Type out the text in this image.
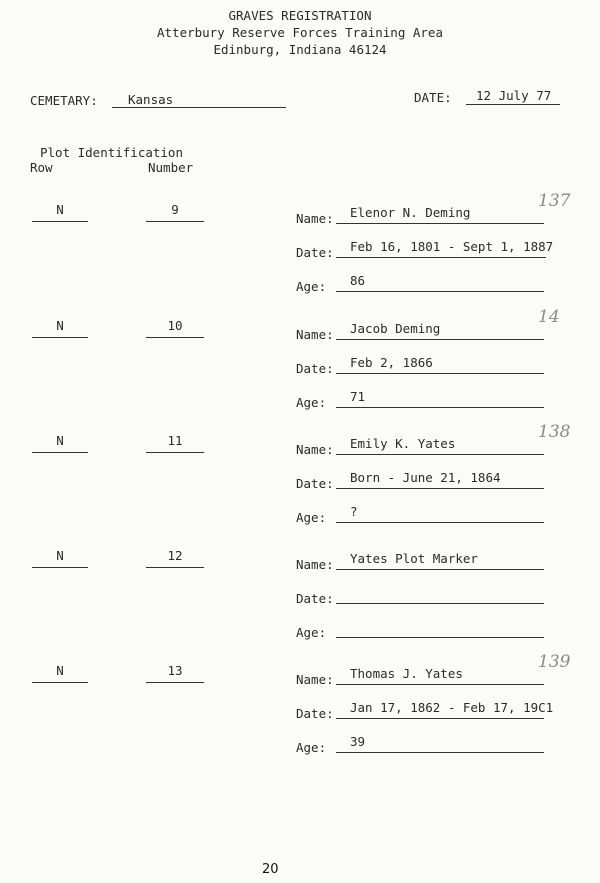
GRAVES REGISTRATION
Atterbury Reserve Forces Training Area
Edinburg, Indiana 46124
CEMETARY:	Kansas	DATE:	12 July 77
Plot Identification
Row	Number
N	9
Name:	Elenor N. Deming
Date:	Feb 16, 1801 - Sept 1, 1887
Age:	86
137
N	10
Name:	Jacob Deming
Date:	Feb 2, 1866
Age:	71
14
N	11
Name:	Emily K. Yates
Date:	Born - June 21, 1864
Age:	?
138
N	12
Name:	Yates Plot Marker
Date:
Age:
N	13
Name:	Thomas J. Yates
Date:	Jan 17, 1862 - Feb 17, 19C1
Age:	39
139
20
